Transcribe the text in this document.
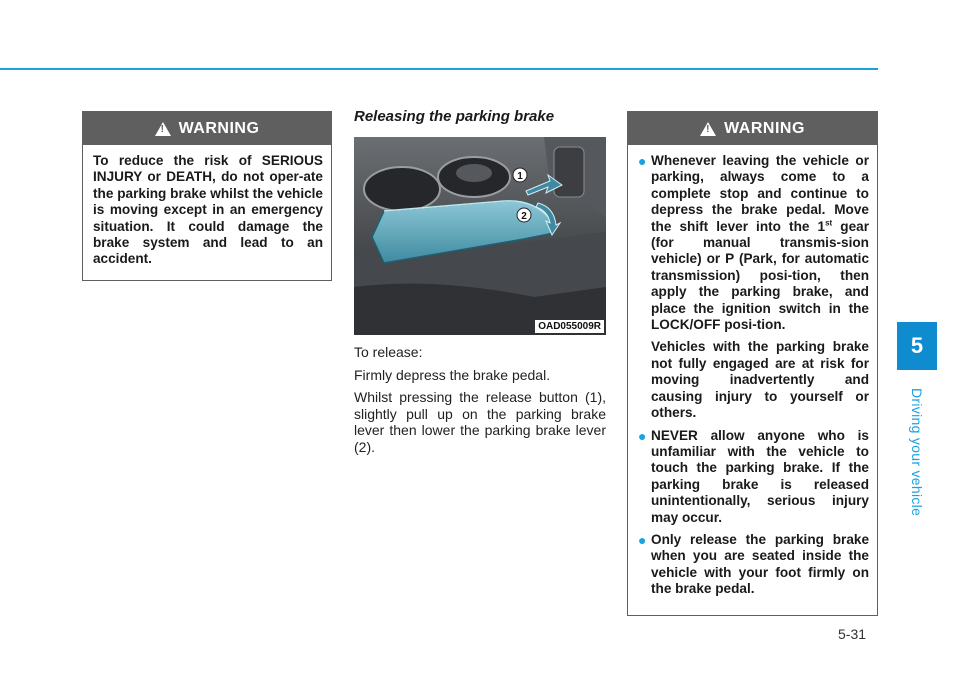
!
WARNING
To reduce the risk of SERIOUS INJURY or DEATH, do not oper-ate the parking brake whilst the vehicle is moving except in an emergency situation. It could damage the brake system and lead to an accident.
Releasing the parking brake
1
2
OAD055009R

To release:

Firmly depress the brake pedal.

Whilst pressing the release button (1), slightly pull up on the parking brake lever then lower the parking brake lever (2).

!
WARNING
● Whenever leaving the vehicle or parking, always come to a complete stop and continue to depress the brake pedal. Move the shift lever into the 1st gear (for manual transmis-sion vehicle) or P (Park, for automatic transmission) posi-tion, then apply the parking brake, and place the ignition switch in the LOCK/OFF posi-tion.

Vehicles with the parking brake not fully engaged are at risk for moving inadvertently and causing injury to yourself or others.

● NEVER allow anyone who is unfamiliar with the vehicle to touch the parking brake. If the parking brake is released unintentionally, serious injury may occur.

● Only release the parking brake when you are seated inside the vehicle with your foot firmly on the brake pedal.

5
Driving your vehicle
5-31
